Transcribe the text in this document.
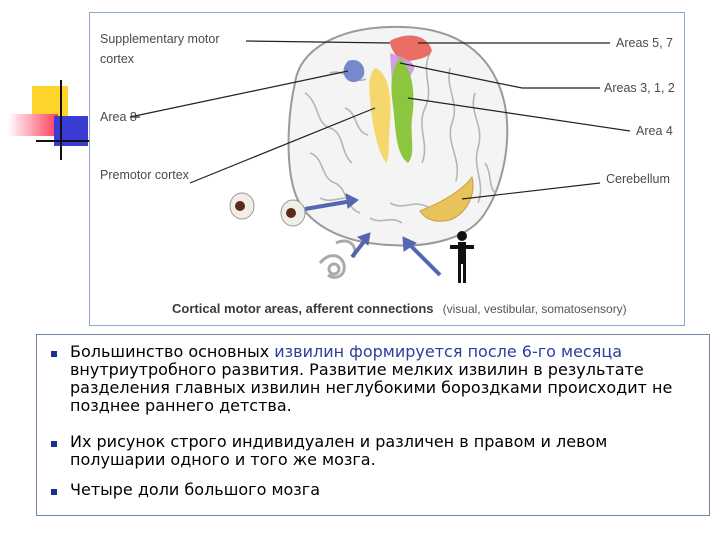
Supplementary motor
cortex
Area 8
Premotor cortex
Areas 5, 7
Areas 3, 1, 2
Area 4
Cerebellum
Cortical motor areas, afferent connections (visual, vestibular, somatosensory)
Большинство основных извилин формируется после 6-го месяца внутриутробного развития. Развитие мелких извилин в результате разделения главных извилин неглубокими бороздками происходит не позднее раннего детства.
Их рисунок строго индивидуален и различен в правом и левом полушарии одного и того же мозга.
Четыре доли большого мозга
